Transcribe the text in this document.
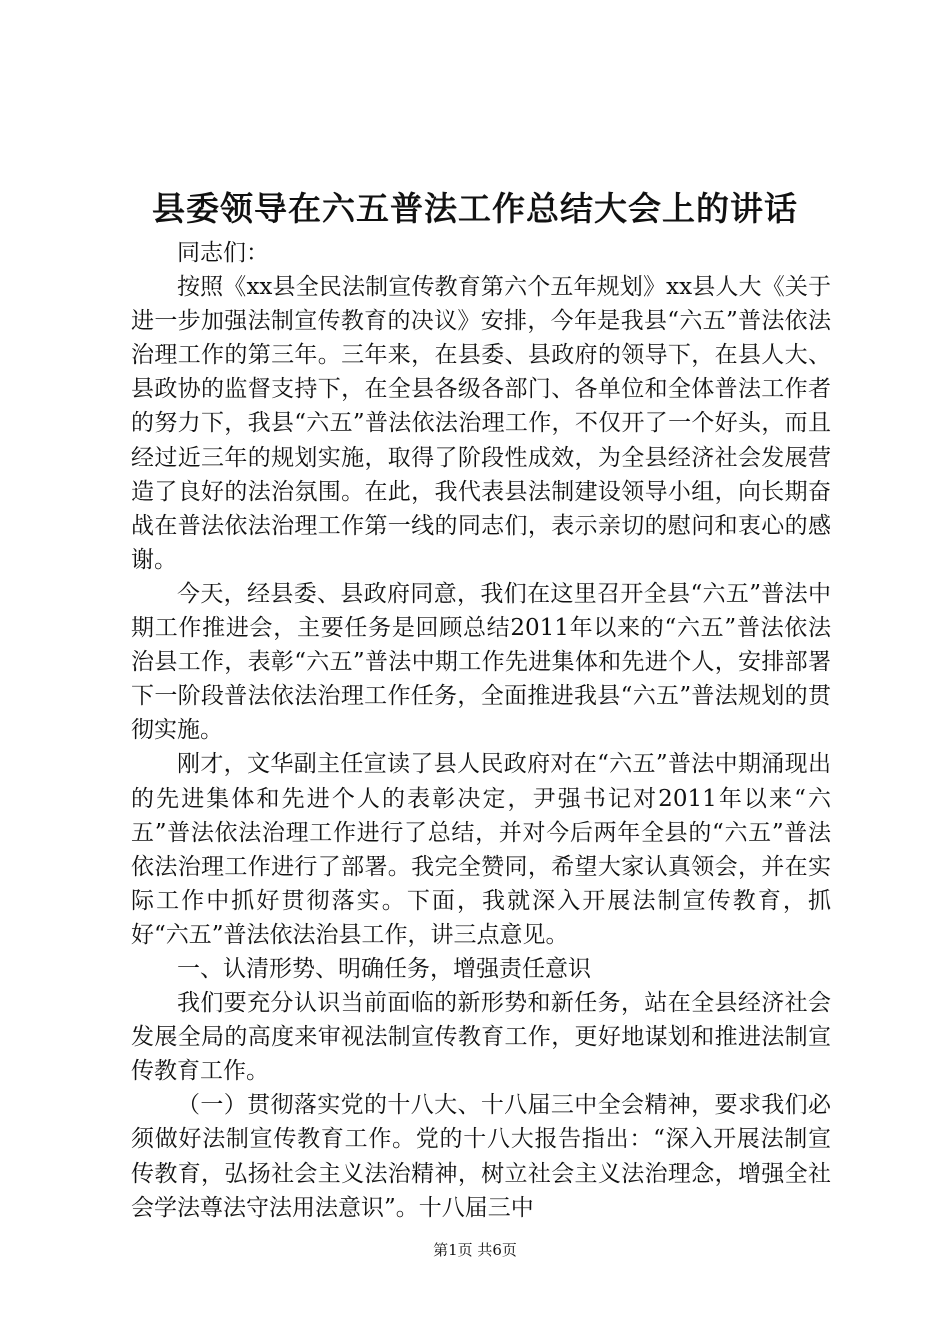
县委领导在六五普法工作总结大会上的讲话

同志们：

按照《xx县全民法制宣传教育第六个五年规划》xx县人大《关于进一步加强法制宣传教育的决议》安排，今年是我县“六五”普法依法治理工作的第三年。三年来，在县委、县政府的领导下，在县人大、县政协的监督支持下，在全县各级各部门、各单位和全体普法工作者的努力下，我县“六五”普法依法治理工作，不仅开了一个好头，而且经过近三年的规划实施，取得了阶段性成效，为全县经济社会发展营造了良好的法治氛围。在此，我代表县法制建设领导小组，向长期奋战在普法依法治理工作第一线的同志们，表示亲切的慰问和衷心的感谢。

今天，经县委、县政府同意，我们在这里召开全县“六五”普法中期工作推进会，主要任务是回顾总结2011年以来的“六五”普法依法治县工作，表彰“六五”普法中期工作先进集体和先进个人，安排部署下一阶段普法依法治理工作任务，全面推进我县“六五”普法规划的贯彻实施。

刚才，文华副主任宣读了县人民政府对在“六五”普法中期涌现出的先进集体和先进个人的表彰决定，尹强书记对2011年以来“六五”普法依法治理工作进行了总结，并对今后两年全县的“六五”普法依法治理工作进行了部署。我完全赞同，希望大家认真领会，并在实际工作中抓好贯彻落实。下面，我就深入开展法制宣传教育，抓好“六五”普法依法治县工作，讲三点意见。

一、认清形势、明确任务，增强责任意识

我们要充分认识当前面临的新形势和新任务，站在全县经济社会发展全局的高度来审视法制宣传教育工作，更好地谋划和推进法制宣传教育工作。

（一）贯彻落实党的十八大、十八届三中全会精神，要求我们必须做好法制宣传教育工作。党的十八大报告指出：“深入开展法制宣传教育，弘扬社会主义法治精神，树立社会主义法治理念，增强全社会学法尊法守法用法意识”。十八届三中

第1页 共6页
